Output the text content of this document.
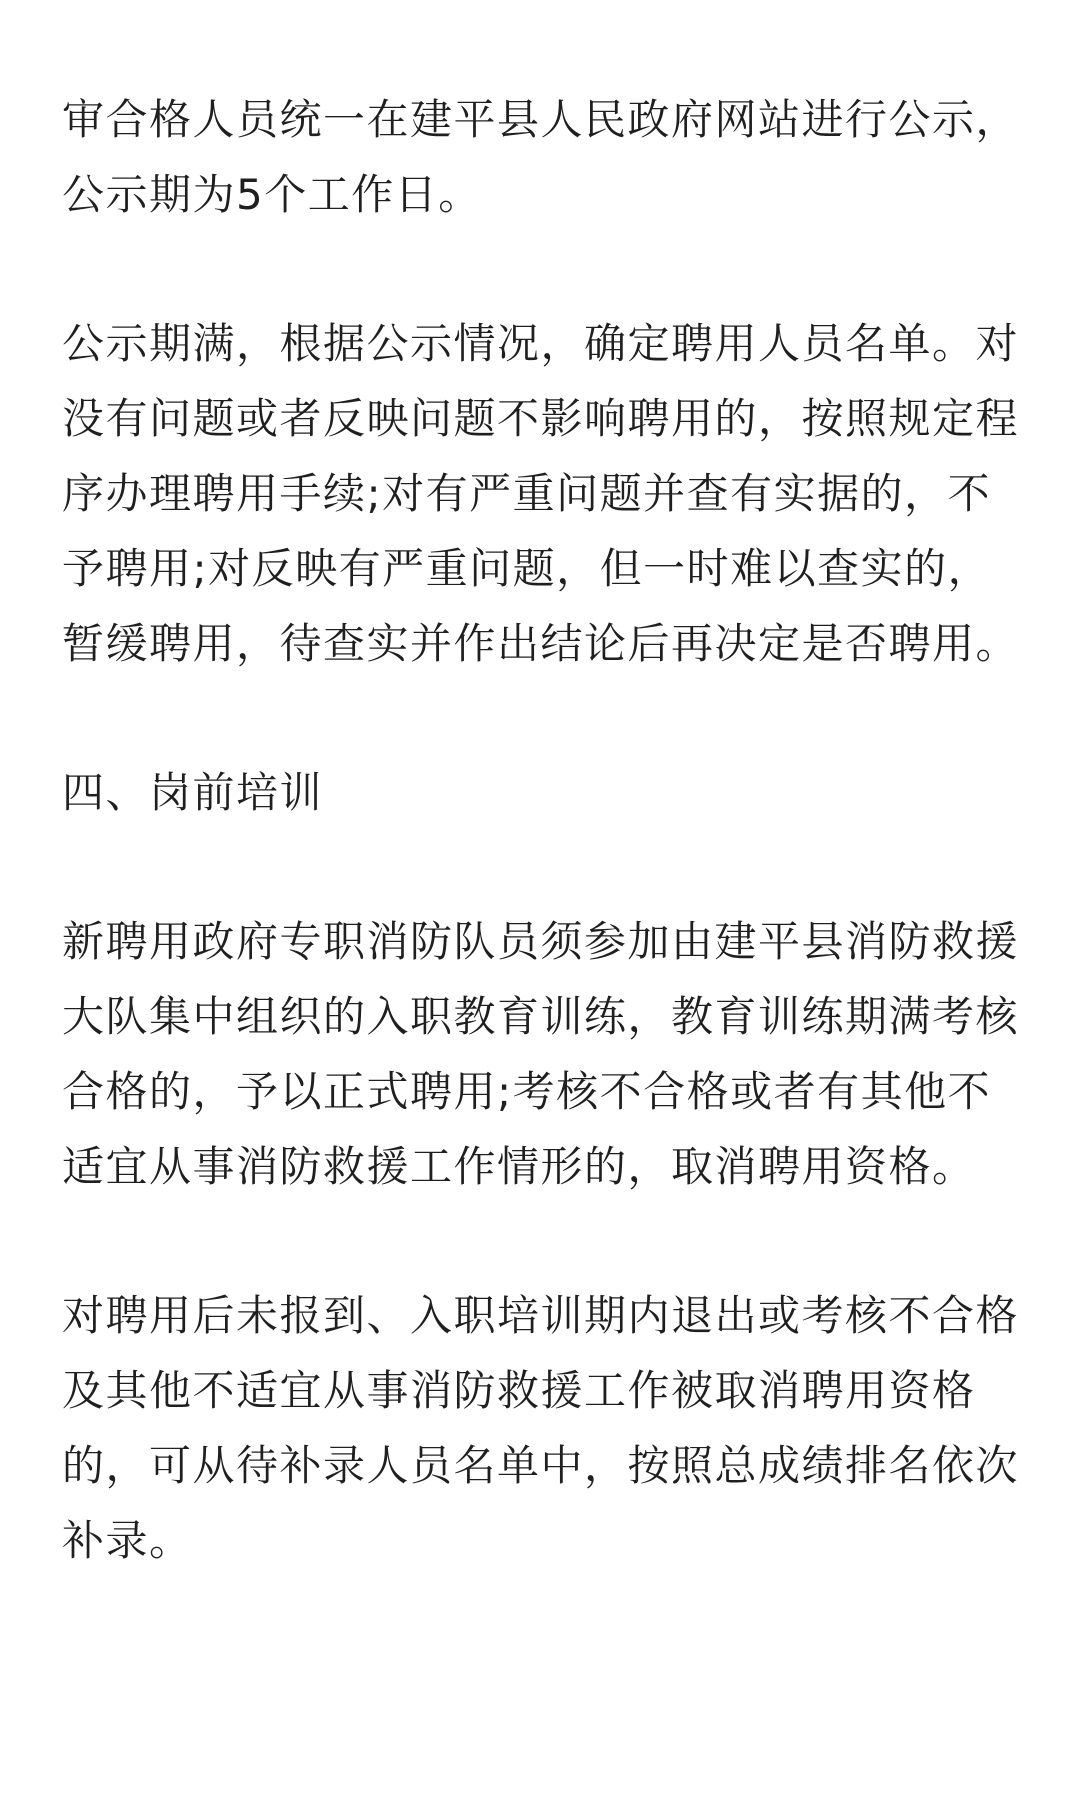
审合格人员统一在建平县人民政府网站进行公示，
公示期为5个工作日。

公示期满，根据公示情况，确定聘用人员名单。对
没有问题或者反映问题不影响聘用的，按照规定程
序办理聘用手续;对有严重问题并查有实据的，不
予聘用;对反映有严重问题，但一时难以查实的，
暂缓聘用，待查实并作出结论后再决定是否聘用。

四、岗前培训

新聘用政府专职消防队员须参加由建平县消防救援
大队集中组织的入职教育训练，教育训练期满考核
合格的，予以正式聘用;考核不合格或者有其他不
适宜从事消防救援工作情形的，取消聘用资格。

对聘用后未报到、入职培训期内退出或考核不合格
及其他不适宜从事消防救援工作被取消聘用资格
的，可从待补录人员名单中，按照总成绩排名依次
补录。
